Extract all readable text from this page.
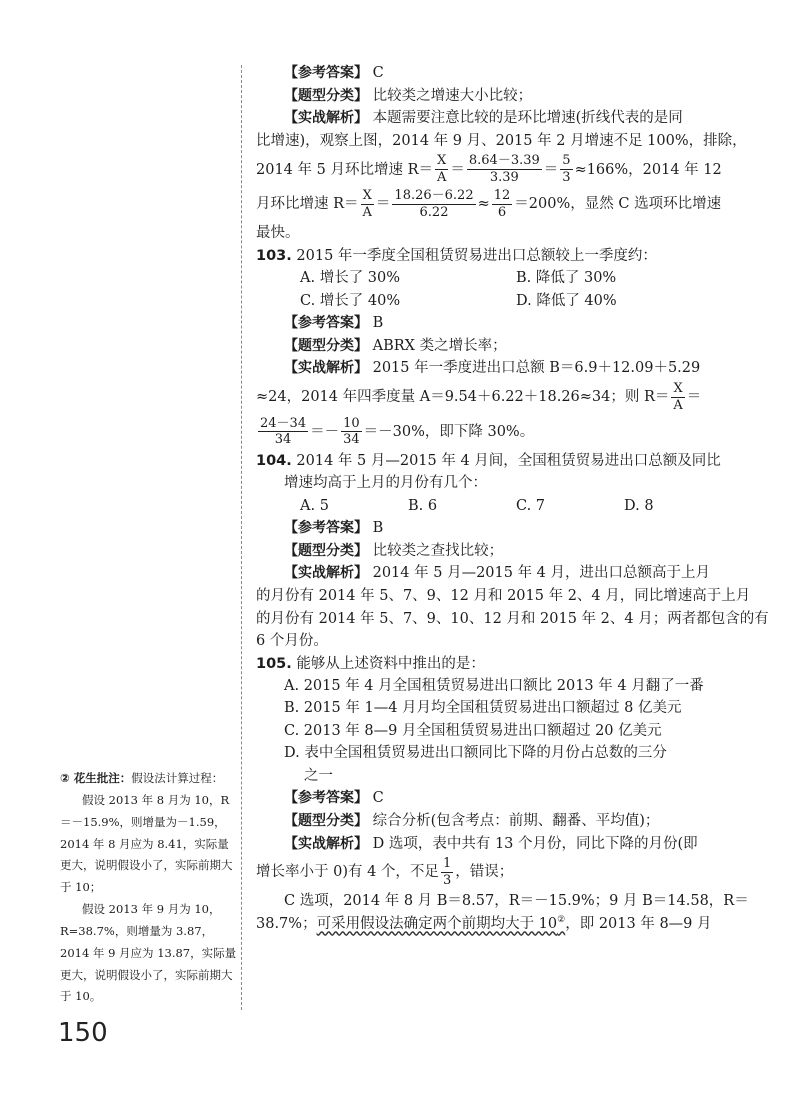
【参考答案】 C
【题型分类】 比较类之增速大小比较；
【实战解析】 本题需要注意比较的是环比增速(折线代表的是同
比增速)，观察上图，2014 年 9 月、2015 年 2 月增速不足 100%，排除，
2014 年 5 月环比增速 $R= \frac{X}{A} = \frac{8.64-3.39}{3.39} = \frac{5}{3} \approx 166\%$，2014 年 12
月环比增速 $R= \frac{X}{A} = \frac{18.26-6.22}{6.22} \approx \frac{12}{6} =200\%$，显然 C 选项环比增速
最快。
103. 2015 年一季度全国租赁贸易进出口总额较上一季度约：
A. 增长了 30%	B. 降低了 30%
C. 增长了 40%	D. 降低了 40%
【参考答案】 B
【题型分类】 ABRX 类之增长率；
【实战解析】 2015 年一季度进出口总额 B＝6.9＋12.09＋5.29
≈24，2014 年四季度量 A＝9.54＋6.22＋18.26≈34；则 $R= \frac{X}{A}$ ＝
$\frac{24-34}{34} =- \frac{10}{34} =-30\%$，即下降 30%。
104. 2014 年 5 月—2015 年 4 月间，全国租赁贸易进出口总额及同比
增速均高于上月的月份有几个：
A. 5	B. 6	C. 7	D. 8
【参考答案】 B
【题型分类】 比较类之查找比较；
【实战解析】 2014 年 5 月—2015 年 4 月，进出口总额高于上月
的月份有 2014 年 5、7、9、12 月和 2015 年 2、4 月，同比增速高于上月
的月份有 2014 年 5、7、9、10、12 月和 2015 年 2、4 月；两者都包含的有
6 个月份。
105. 能够从上述资料中推出的是：
A. 2015 年 4 月全国租赁贸易进出口额比 2013 年 4 月翻了一番
B. 2015 年 1—4 月月均全国租赁贸易进出口额超过 8 亿美元
C. 2013 年 8—9 月全国租赁贸易进出口额超过 20 亿美元
D. 表中全国租赁贸易进出口额同比下降的月份占总数的三分
之一
【参考答案】 C
【题型分类】 综合分析(包含考点：前期、翻番、平均值)；
【实战解析】 D 选项，表中共有 13 个月份，同比下降的月份(即
增长率小于 0)有 4 个，不足 $\frac{1}{3}$ ，错误；
C 选项，2014 年 8 月 B＝8.57，R＝－15.9%；9 月 B＝14.58，R＝
38.7%；可采用假设法确定两个前期均大于 10②，即 2013 年 8—9 月
② 花生批注：假设法计算过程：

假设 2013 年 8 月为 10，R＝－15.9%，则增量为－1.59，2014 年 8 月应为 8.41，实际量更大，说明假设小了，实际前期大于 10；

假设 2013 年 9 月为 10，R=38.7%，则增量为 3.87，2014 年 9 月应为 13.87，实际量更大，说明假设小了，实际前期大于 10。

150
